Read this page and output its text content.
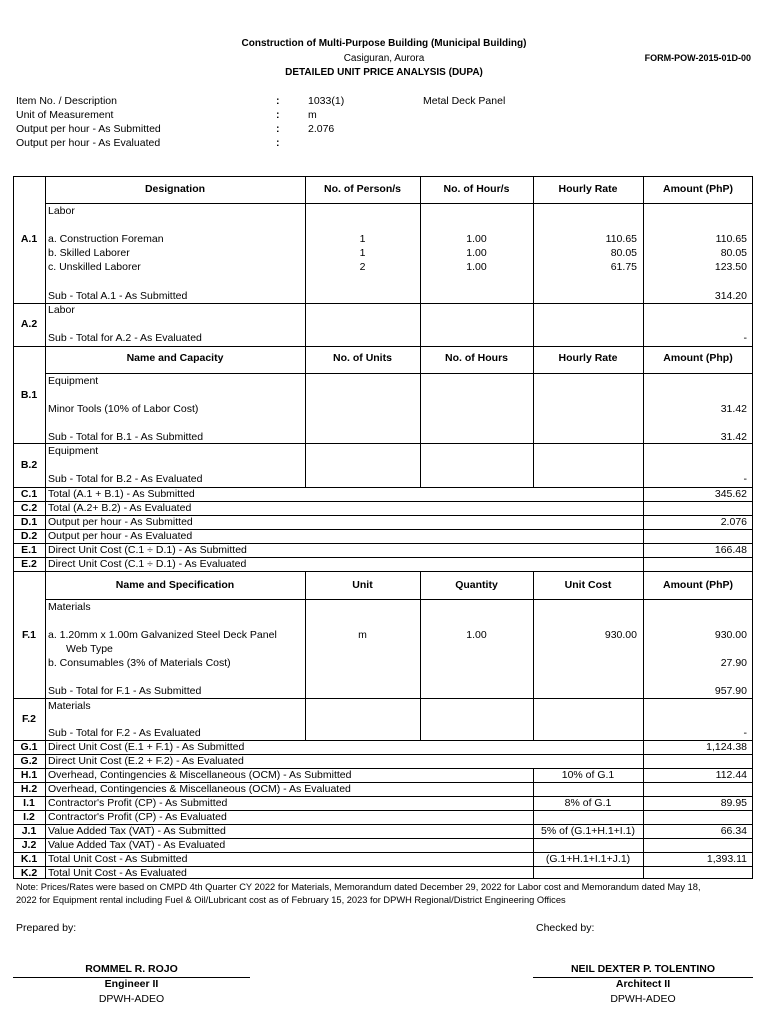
Construction of Multi-Purpose Building (Municipal Building)
Casiguran, Aurora
DETAILED UNIT PRICE ANALYSIS (DUPA)
FORM-POW-2015-01D-00
Item No. / Description	:	1033(1)	Metal Deck Panel
Unit of Measurement	:	m
Output per hour - As Submitted	:	2.076
Output per hour - As Evaluated	:
Designation	No. of Person/s	No. of Hour/s	Hourly Rate	Amount (PhP)
A.1
Labor
a. Construction Foreman	1	1.00	110.65	110.65
b. Skilled Laborer	1	1.00	80.05	80.05
c. Unskilled Laborer	2	1.00	61.75	123.50
Sub - Total A.1 - As Submitted	314.20
A.2
Labor
Sub - Total for A.2 - As Evaluated	-
Name and Capacity	No. of Units	No. of Hours	Hourly Rate	Amount (Php)
B.1
Equipment
Minor Tools (10% of Labor Cost)	31.42
Sub - Total for B.1 - As Submitted	31.42
B.2
Equipment
Sub - Total for B.2 - As Evaluated	-
C.1	Total (A.1 + B.1) - As Submitted	345.62
C.2	Total (A.2+ B.2) - As Evaluated
D.1	Output per hour - As Submitted	2.076
D.2	Output per hour - As Evaluated
E.1	Direct Unit Cost (C.1 ÷ D.1) - As Submitted	166.48
E.2	Direct Unit Cost (C.1 ÷ D.1) - As Evaluated
Name and Specification	Unit	Quantity	Unit Cost	Amount (PhP)
F.1
Materials
a. 1.20mm x 1.00m Galvanized Steel Deck Panel
Web Type
m	1.00	930.00	930.00
b. Consumables (3% of Materials Cost)	27.90
Sub - Total for F.1 - As Submitted	957.90
F.2
Materials
Sub - Total for F.2 - As Evaluated	-
G.1	Direct Unit Cost (E.1 + F.1) - As Submitted	1,124.38
G.2	Direct Unit Cost (E.2 + F.2) - As Evaluated
H.1	Overhead, Contingencies & Miscellaneous (OCM) - As Submitted	10% of G.1	112.44
H.2	Overhead, Contingencies & Miscellaneous (OCM) - As Evaluated
I.1	Contractor's Profit (CP) - As Submitted	8% of G.1	89.95
I.2	Contractor's Profit (CP) - As Evaluated
J.1	Value Added Tax (VAT) - As Submitted	5% of (G.1+H.1+I.1)	66.34
J.2	Value Added Tax (VAT) - As Evaluated
K.1	Total Unit Cost - As Submitted	(G.1+H.1+I.1+J.1)	1,393.11
K.2	Total Unit Cost - As Evaluated
Note: Prices/Rates were based on CMPD 4th Quarter CY 2022 for Materials, Memorandum dated December 29, 2022 for Labor cost and Memorandum dated May 18,
2022 for Equipment rental including Fuel & Oil/Lubricant cost as of February 15, 2023 for DPWH Regional/District Engineering Offices
Prepared by:	Checked by:
ROMMEL R. ROJO
Engineer II
DPWH-ADEO
NEIL DEXTER P. TOLENTINO
Architect II
DPWH-ADEO
